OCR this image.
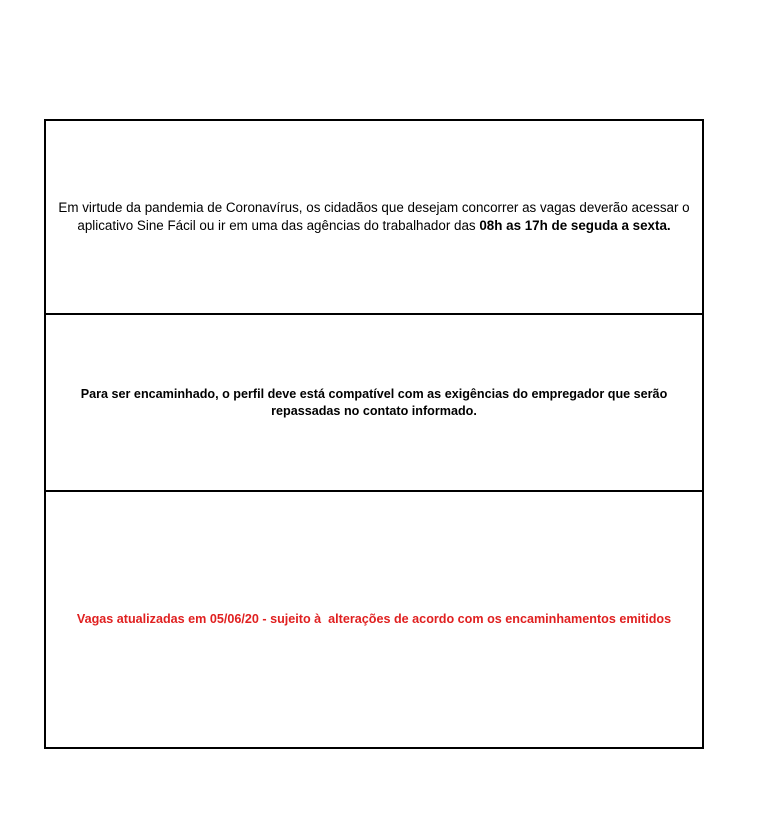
Em virtude da pandemia de Coronavírus, os cidadãos que desejam concorrer as vagas deverão acessar o aplicativo Sine Fácil ou ir em uma das agências do trabalhador das 08h as 17h de seguda a sexta.
Para ser encaminhado, o perfil deve está compatível com as exigências do empregador que serão repassadas no contato informado.
Vagas atualizadas em 05/06/20 - sujeito à  alterações de acordo com os encaminhamentos emitidos
